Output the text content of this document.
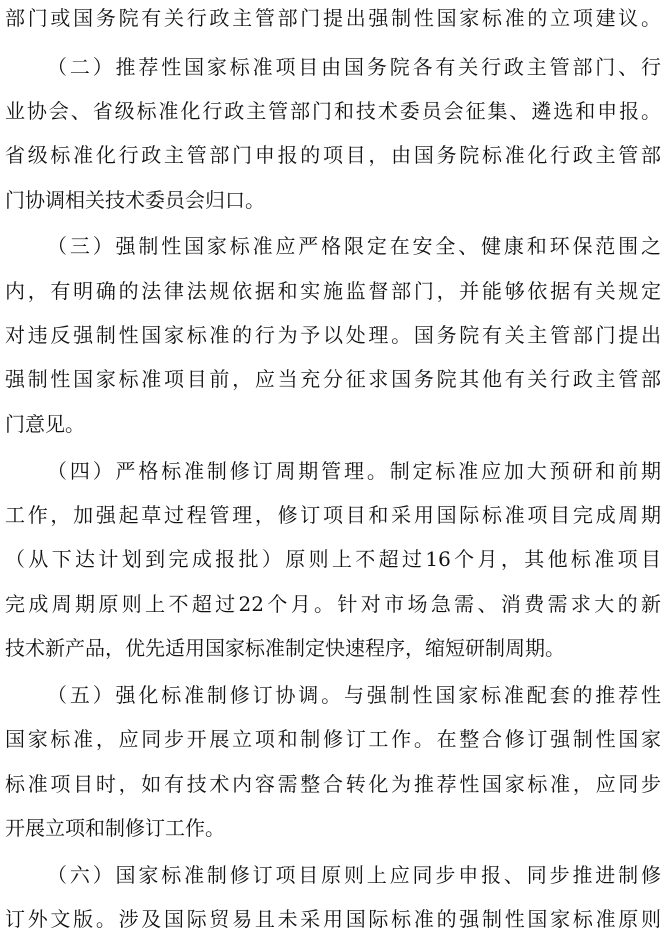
部门或国务院有关行政主管部门提出强制性国家标准的立项建议。
（二）推荐性国家标准项目由国务院各有关行政主管部门、行
业协会、省级标准化行政主管部门和技术委员会征集、遴选和申报。
省级标准化行政主管部门申报的项目，由国务院标准化行政主管部
门协调相关技术委员会归口。
（三）强制性国家标准应严格限定在安全、健康和环保范围之
内，有明确的法律法规依据和实施监督部门，并能够依据有关规定
对违反强制性国家标准的行为予以处理。国务院有关主管部门提出
强制性国家标准项目前，应当充分征求国务院其他有关行政主管部
门意见。
（四）严格标准制修订周期管理。制定标准应加大预研和前期
工作，加强起草过程管理，修订项目和采用国际标准项目完成周期
（从下达计划到完成报批）原则上不超过16个月，其他标准项目
完成周期原则上不超过22个月。针对市场急需、消费需求大的新
技术新产品，优先适用国家标准制定快速程序，缩短研制周期。
（五）强化标准制修订协调。与强制性国家标准配套的推荐性
国家标准，应同步开展立项和制修订工作。在整合修订强制性国家
标准项目时，如有技术内容需整合转化为推荐性国家标准，应同步
开展立项和制修订工作。
（六）国家标准制修订项目原则上应同步申报、同步推进制修
订外文版。涉及国际贸易且未采用国际标准的强制性国家标准原则
